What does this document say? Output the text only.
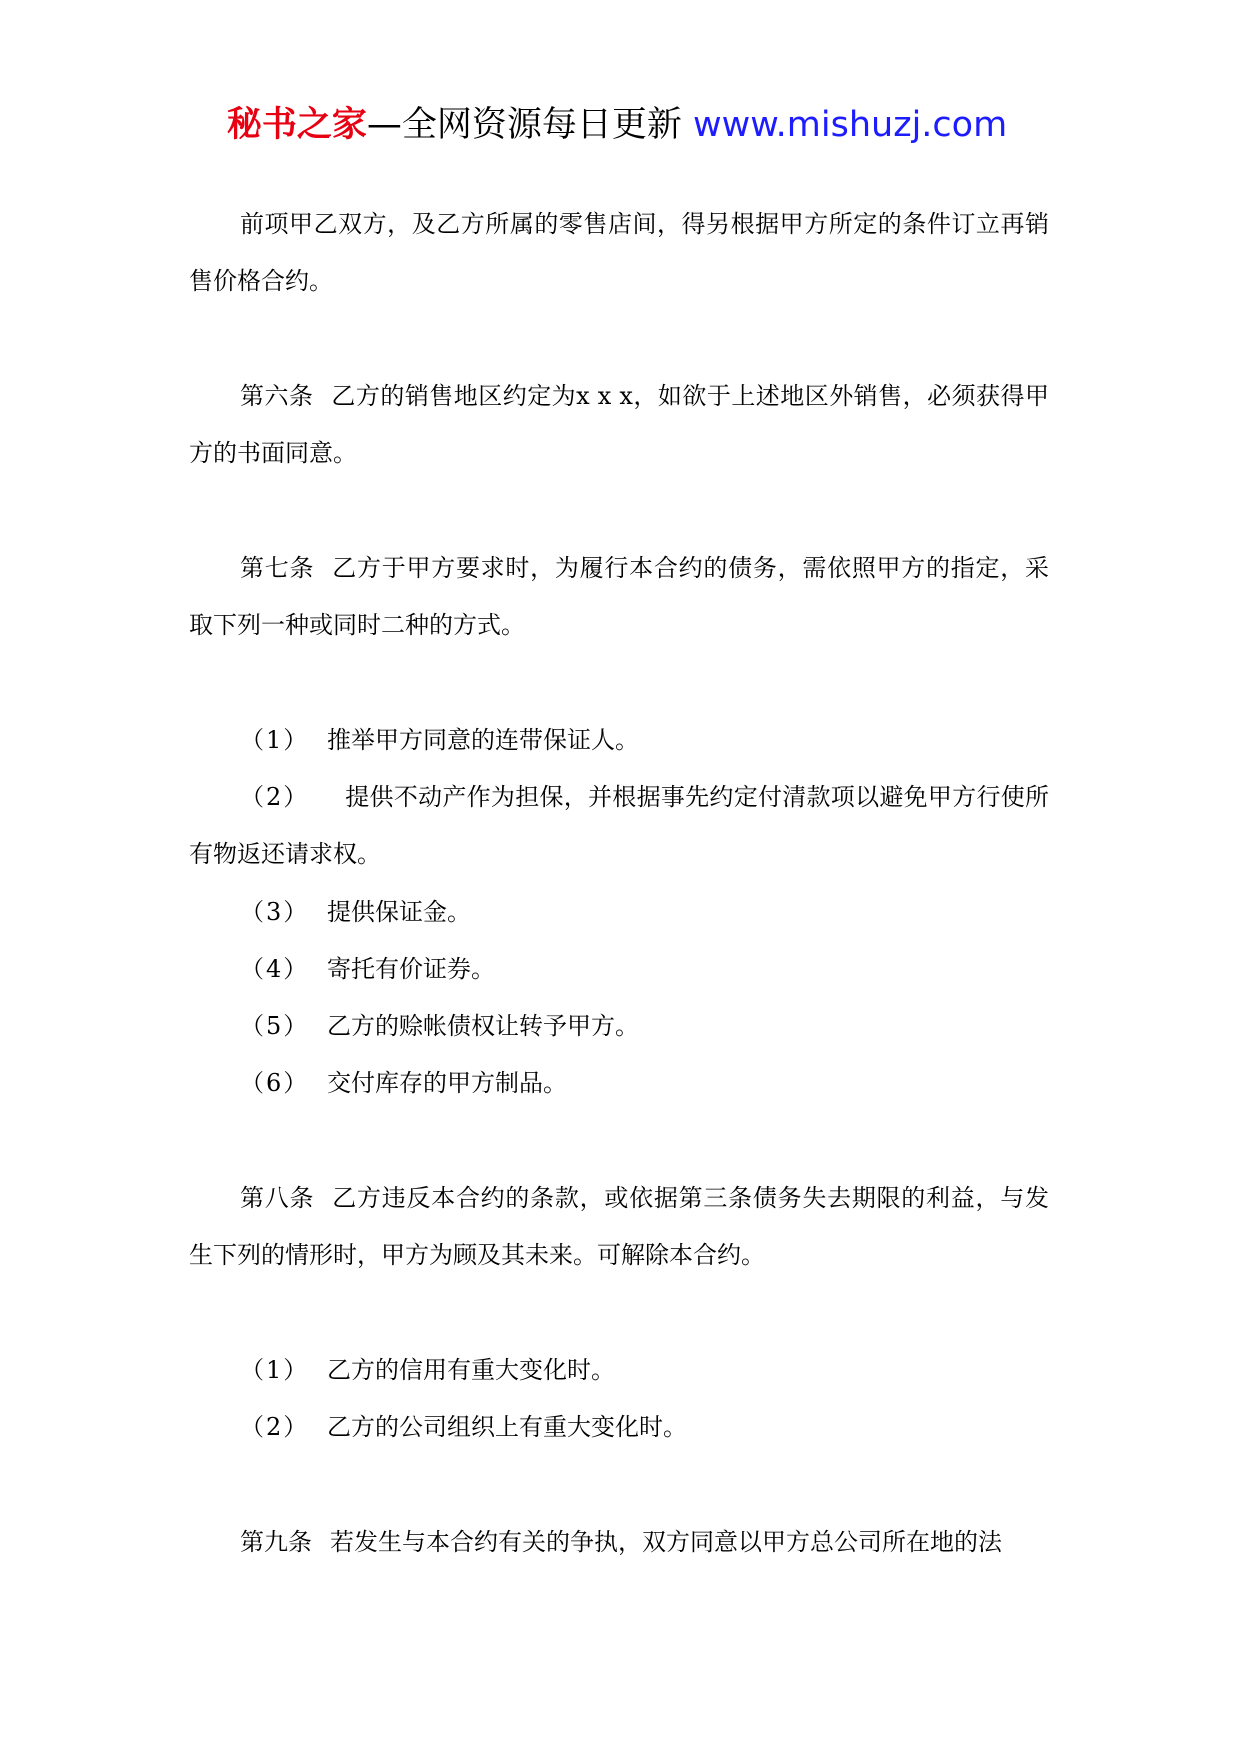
秘书之家—全网资源每日更新 www.mishuzj.com

前项甲乙双方，及乙方所属的零售店间，得另根据甲方所定的条件订立再销售价格合约。

第六条 乙方的销售地区约定为x x x，如欲于上述地区外销售，必须获得甲方的书面同意。

第七条 乙方于甲方要求时，为履行本合约的债务，需依照甲方的指定，采取下列一种或同时二种的方式。

（1） 推举甲方同意的连带保证人。

（2） 提供不动产作为担保，并根据事先约定付清款项以避免甲方行使所有物返还请求权。

（3） 提供保证金。

（4） 寄托有价证券。

（5） 乙方的赊帐债权让转予甲方。

（6） 交付库存的甲方制品。

第八条 乙方违反本合约的条款，或依据第三条债务失去期限的利益，与发生下列的情形时，甲方为顾及其未来。可解除本合约。

（1） 乙方的信用有重大变化时。

（2） 乙方的公司组织上有重大变化时。

第九条 若发生与本合约有关的争执，双方同意以甲方总公司所在地的法
